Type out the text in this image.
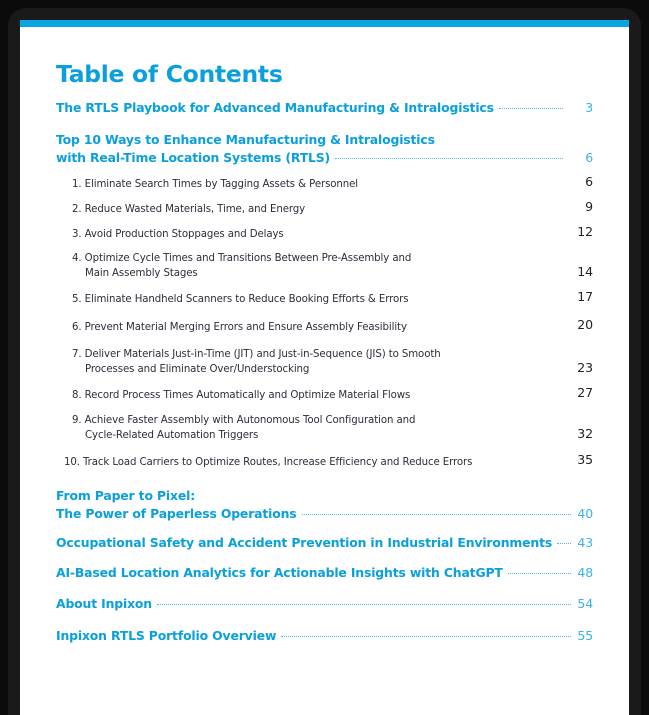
Table of Contents
The RTLS Playbook for Advanced Manufacturing & Intralogistics	3
Top 10 Ways to Enhance Manufacturing & Intralogistics
with Real-Time Location Systems (RTLS)	6
1. Eliminate Search Times by Tagging Assets & Personnel	6
2. Reduce Wasted Materials, Time, and Energy	9
3. Avoid Production Stoppages and Delays	12
4. Optimize Cycle Times and Transitions Between Pre-Assembly and
Main Assembly Stages	14
5. Eliminate Handheld Scanners to Reduce Booking Efforts & Errors	17
6. Prevent Material Merging Errors and Ensure Assembly Feasibility	20
7. Deliver Materials Just-in-Time (JIT) and Just-in-Sequence (JIS) to Smooth
Processes and Eliminate Over/Understocking	23
8. Record Process Times Automatically and Optimize Material Flows	27
9. Achieve Faster Assembly with Autonomous Tool Configuration and
Cycle-Related Automation Triggers	32
10. Track Load Carriers to Optimize Routes, Increase Efficiency and Reduce Errors	35
From Paper to Pixel:
The Power of Paperless Operations	40
Occupational Safety and Accident Prevention in Industrial Environments 43
AI-Based Location Analytics for Actionable Insights with ChatGPT	48
About Inpixon	54
Inpixon RTLS Portfolio Overview	55
